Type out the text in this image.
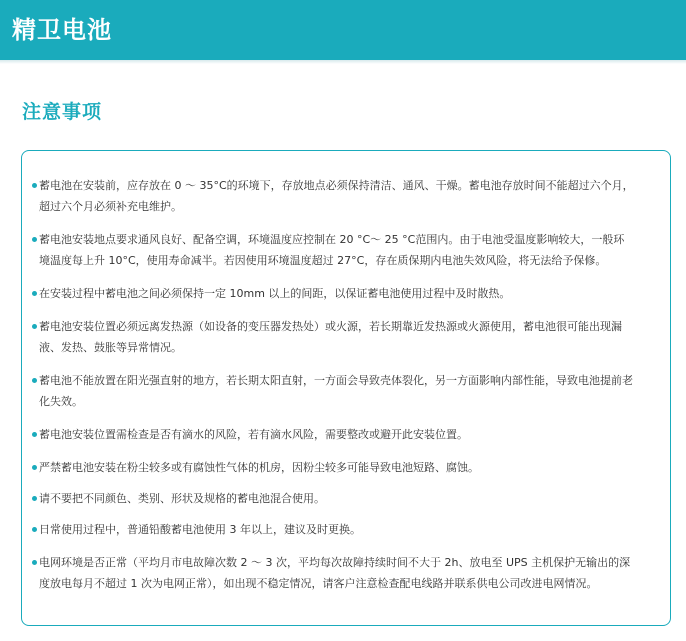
精卫电池
注意事项
蓄电池在安装前，应存放在 0 ～ 35°C的环境下，存放地点必须保持清洁、通风、干燥。蓄电池存放时间不能超过六个月，超过六个月必须补充电维护。
蓄电池安装地点要求通风良好、配备空调，环境温度应控制在 20 °C～ 25 °C范围内。由于电池受温度影响较大，一般环境温度每上升 10°C，使用寿命减半。若因使用环境温度超过 27°C，存在质保期内电池失效风险，将无法给予保修。
在安装过程中蓄电池之间必须保持一定 10mm 以上的间距，以保证蓄电池使用过程中及时散热。
蓄电池安装位置必须远离发热源（如设备的变压器发热处）或火源，若长期靠近发热源或火源使用，蓄电池很可能出现漏液、发热、鼓胀等异常情况。
蓄电池不能放置在阳光强直射的地方，若长期太阳直射，一方面会导致壳体裂化，另一方面影响内部性能，导致电池提前老化失效。
蓄电池安装位置需检查是否有滴水的风险，若有滴水风险，需要整改或避开此安装位置。
严禁蓄电池安装在粉尘较多或有腐蚀性气体的机房，因粉尘较多可能导致电池短路、腐蚀。
请不要把不同颜色、类别、形状及规格的蓄电池混合使用。
日常使用过程中，普通铅酸蓄电池使用 3 年以上，建议及时更换。
电网环境是否正常（平均月市电故障次数 2 ～ 3 次，平均每次故障持续时间不大于 2h、放电至 UPS 主机保护无输出的深度放电每月不超过 1 次为电网正常），如出现不稳定情况，请客户注意检查配电线路并联系供电公司改进电网情况。
